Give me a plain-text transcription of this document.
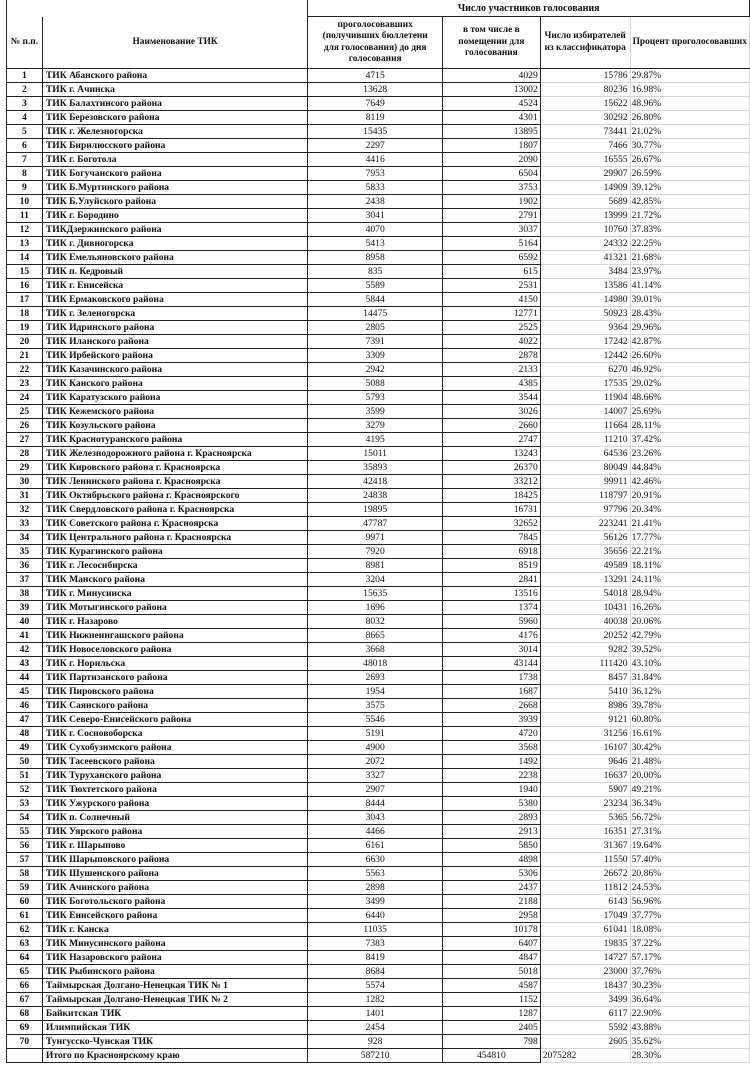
		Число участников голосования			
№ п.п.	Наименование ТИК	проголосовавших (получивших бюллетени для голосования) до дня голосования	в том числе в помещении для голосования	Число избирателей из классификатора	Процент проголосовавших
1	ТИК Абанского района	4715	4029	15786	29.87%
2	ТИК г. Ачинска	13628	13002	80236	16.98%
3	ТИК Балахтинсого района	7649	4524	15622	48.96%
4	ТИК Березовского района	8119	4301	30292	26.80%
5	ТИК г. Железногорска	15435	13895	73441	21.02%
6	ТИК Бирилюсского района	2297	1807	7466	30.77%
7	ТИК г. Боготола	4416	2090	16555	26.67%
8	ТИК Богучанского района	7953	6504	29907	26.59%
9	ТИК Б.Муртинского района	5833	3753	14909	39.12%
10	ТИК Б.Улуйского района	2438	1902	5689	42.85%
11	ТИК г. Бородино	3041	2791	13999	21.72%
12	ТИКДзержинского района	4070	3037	10760	37.83%
13	ТИК г. Дивногорска	5413	5164	24332	22.25%
14	ТИК Емельяновского района	8958	6592	41321	21.68%
15	ТИК п. Кедровый	835	615	3484	23.97%
16	ТИК г. Енисейска	5589	2531	13586	41.14%
17	ТИК Ермаковского района	5844	4150	14980	39.01%
18	ТИК г. Зеленогорска	14475	12771	50923	28.43%
19	ТИК Идринского района	2805	2525	9364	29.96%
20	ТИК Иланского района	7391	4022	17242	42.87%
21	ТИК Ирбейского района	3309	2878	12442	26.60%
22	ТИК Казачинского района	2942	2133	6270	46.92%
23	ТИК Канского района	5088	4385	17535	29.02%
24	ТИК Каратузского района	5793	3544	11904	48.66%
25	ТИК Кежемского района	3599	3026	14007	25.69%
26	ТИК Козульского района	3279	2660	11664	28.11%
27	ТИК Краснотуранского района	4195	2747	11210	37.42%
28	ТИК Железнодорожного района г. Красноярска	15011	13243	64536	23.26%
29	ТИК Кировского района г. Красноярска	35893	26370	80049	44.84%
30	ТИК Ленинского района г. Красноярска	42418	33212	99911	42.46%
31	ТИК Октябрьского района г. Красноярского	24838	18425	118797	20.91%
32	ТИК Свердловского района г. Красноярска	19895	16731	97796	20.34%
33	ТИК Советского района г. Красноярска	47787	32652	223241	21.41%
34	ТИК Центрального района г. Красноярска	9971	7845	56126	17.77%
35	ТИК Курагинского района	7920	6918	35656	22.21%
36	ТИК г. Лесосибирска	8981	8519	49589	18.11%
37	ТИК Манского района	3204	2841	13291	24.11%
38	ТИК г. Минусинска	15635	13516	54018	28.94%
39	ТИК Мотыгинского района	1696	1374	10431	16.26%
40	ТИК г. Назарово	8032	5960	40038	20.06%
41	ТИК Нижнеингашского района	8665	4176	20252	42.79%
42	ТИК Новоселовского района	3668	3014	9282	39.52%
43	ТИК г. Норильска	48018	43144	111420	43.10%
44	ТИК Партизанского района	2693	1738	8457	31.84%
45	ТИК Пировского района	1954	1687	5410	36.12%
46	ТИК Саянского района	3575	2668	8986	39.78%
47	ТИК Северо-Енисейского района	5546	3939	9121	60.80%
48	ТИК г. Сосновоборска	5191	4720	31256	16.61%
49	ТИК Сухобузимского района	4900	3568	16107	30.42%
50	ТИК Тасеевского района	2072	1492	9646	21.48%
51	ТИК Туруханского района	3327	2238	16637	20.00%
52	ТИК Тюхтетского района	2907	1940	5907	49.21%
53	ТИК Ужурского района	8444	5380	23234	36.34%
54	ТИК п. Солнечный	3043	2893	5365	56.72%
55	ТИК Уярского района	4466	2913	16351	27.31%
56	ТИК г. Шарыпово	6161	5850	31367	19.64%
57	ТИК Шарыповского района	6630	4898	11550	57.40%
58	ТИК Шушенского района	5563	5306	26672	20.86%
59	ТИК Ачинского района	2898	2437	11812	24.53%
60	ТИК Боготольского района	3499	2188	6143	56.96%
61	ТИК Енисейского района	6440	2958	17049	37.77%
62	ТИК г. Канска	11035	10178	61041	18.08%
63	ТИК Минусинского района	7383	6407	19835	37.22%
64	ТИК Назаровского района	8419	4847	14727	57.17%
65	ТИК Рыбинского района	8684	5018	23000	37.76%
66	Таймырская Долгано-Ненецкая ТИК № 1	5574	4587	18437	30.23%
67	Таймырская Долгано-Ненецкая ТИК № 2	1282	1152	3499	36.64%
68	Байкитская ТИК	1401	1287	6117	22.90%
69	Илимпийская ТИК	2454	2405	5592	43.88%
70	Тунгусско-Чунская ТИК	928	798	2605	35.62%
	Итого по Красноярскому краю	587210	454810	2075282	28.30%
